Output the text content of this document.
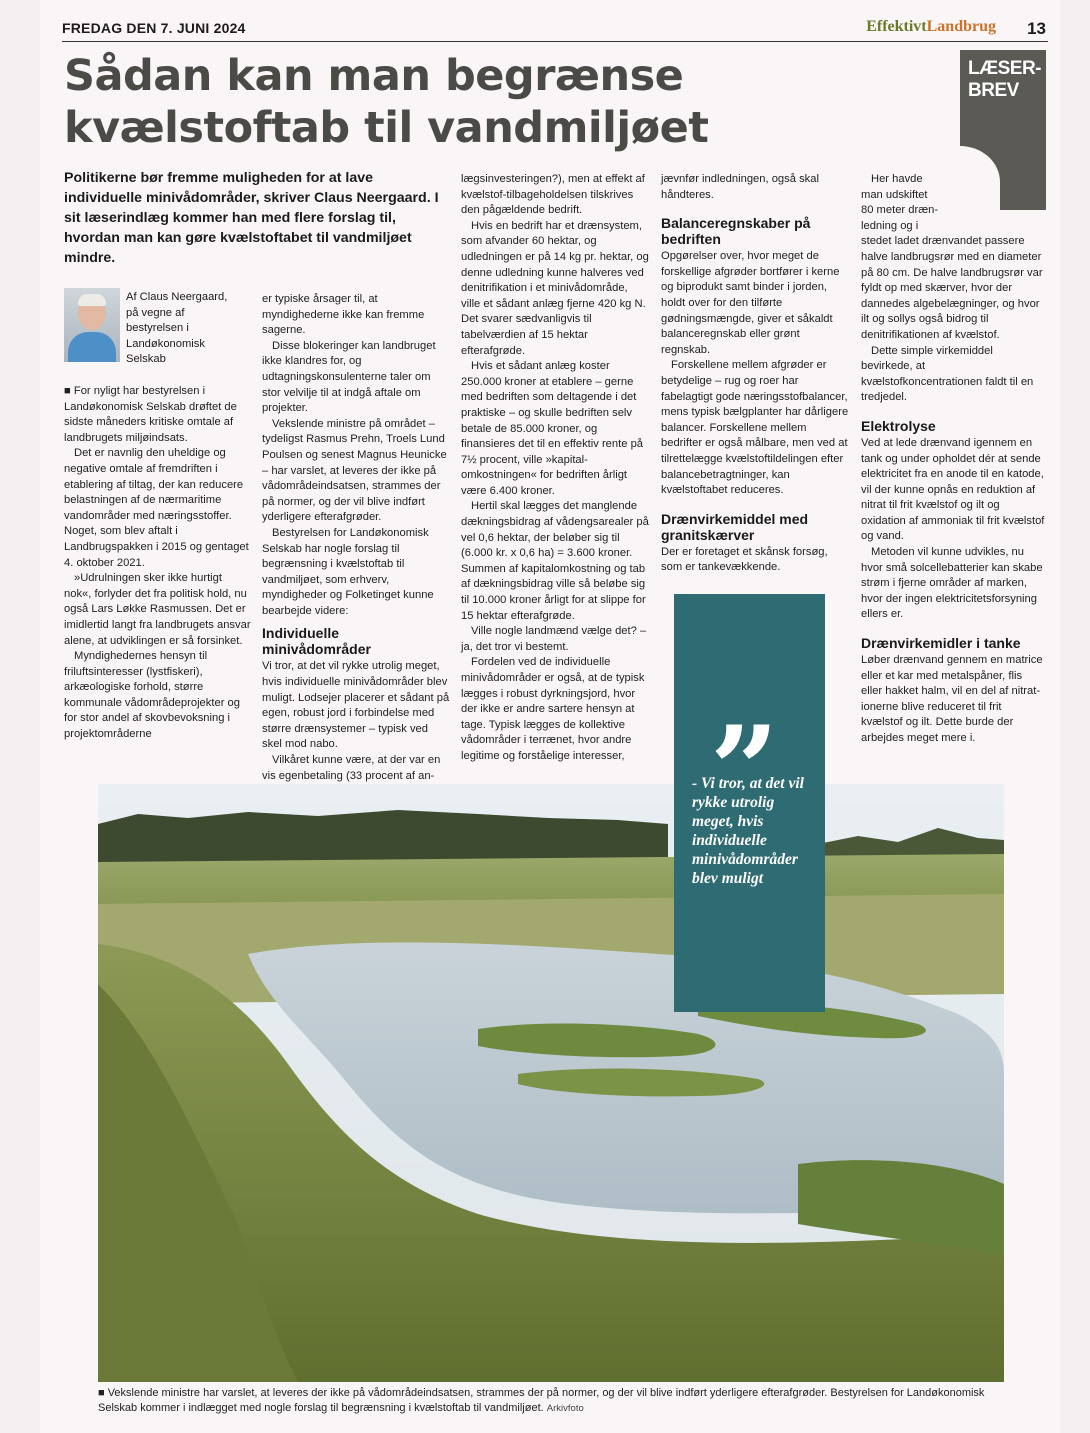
FREDAG DEN 7. JUNI 2024	EffektivtLandbrug 13
Sådan kan man begrænse kvælstoftab til vandmiljøet
LÆSER-
BREV

Politikerne bør fremme muligheden for at lave individuelle minivådområder, skriver Claus Neergaard. I sit læserindlæg kommer han med flere forslag til, hvordan man kan gøre kvælstoftabet til vandmiljøet mindre.

Af Claus Neergaard,
på vegne af
bestyrelsen i
Landøkonomisk
Selskab

■ For nyligt har bestyrelsen i Landøkonomisk Selskab drøftet de sidste måneders kritiske omtale af landbrugets miljøindsats.

Det er navnlig den uheldige og negative omtale af fremdriften i etablering af tiltag, der kan reducere belastningen af de nærmaritime vandområder med næringsstoffer. Noget, som blev aftalt i Landbrugspakken i 2015 og gentaget 4. oktober 2021.

»Udrulningen sker ikke hurtigt nok«, forlyder det fra politisk hold, nu også Lars Løkke Rasmussen. Det er imidlertid langt fra landbrugets ansvar alene, at udviklingen er så forsinket.

Myndighedernes hensyn til friluftsinteresser (lystfiskeri), arkæologiske forhold, større kommunale vådområdeprojekter og for stor andel af skovbevoksning i projektområderne

er typiske årsager til, at myndighederne ikke kan fremme sagerne.

Disse blokeringer kan landbruget ikke klandres for, og udtagningskonsulenterne taler om stor velvilje til at indgå aftale om projekter.

Vekslende ministre på området – tydeligst Rasmus Prehn, Troels Lund Poulsen og senest Magnus Heunicke – har varslet, at leveres der ikke på vådområdeindsatsen, strammes der på normer, og der vil blive indført yderligere efterafgrøder.

Bestyrelsen for Landøkonomisk Selskab har nogle forslag til begrænsning i kvælstoftab til vandmiljøet, som erhverv, myndigheder og Folketinget kunne bearbejde videre:

Individuelle minivådområder

Vi tror, at det vil rykke utrolig meget, hvis individuelle minivådområder blev muligt. Lodsejer placerer et sådant på egen, robust jord i forbindelse med større drænsystemer – typisk ved skel mod nabo.

Vilkåret kunne være, at der var en vis egenbetaling (33 procent af an-

lægsinvesteringen?), men at effekt af kvælstof-tilbageholdelsen tilskrives den pågældende bedrift.

Hvis en bedrift har et drænsystem, som afvander 60 hektar, og udledningen er på 14 kg pr. hektar, og denne udledning kunne halveres ved denitrifikation i et minivådområde, ville et sådant anlæg fjerne 420 kg N. Det svarer sædvanligvis til tabelværdien af 15 hektar efterafgrøde.

Hvis et sådant anlæg koster 250.000 kroner at etablere – gerne med bedriften som deltagende i det praktiske – og skulle bedriften selv betale de 85.000 kroner, og finansieres det til en effektiv rente på 7½ procent, ville »kapital-omkostningen« for bedriften årligt være 6.400 kroner.

Hertil skal lægges det manglende dækningsbidrag af vådengsarealer på vel 0,6 hektar, der beløber sig til (6.000 kr. x 0,6 ha) = 3.600 kroner. Summen af kapitalomkostning og tab af dækningsbidrag ville så beløbe sig til 10.000 kroner årligt for at slippe for 15 hektar efterafgrøde.

Ville nogle landmænd vælge det? – ja, det tror vi bestemt.

Fordelen ved de individuelle minivådområder er også, at de typisk lægges i robust dyrkningsjord, hvor der ikke er andre sartere hensyn at tage. Typisk lægges de kollektive vådområder i terrænet, hvor andre legitime og forståelige interesser,

jævnfør indledningen, også skal håndteres.

Balanceregnskaber på bedriften

Opgørelser over, hvor meget de forskellige afgrøder bortfører i kerne og biprodukt samt binder i jorden, holdt over for den tilførte gødningsmængde, giver et såkaldt balanceregnskab eller grønt regnskab.

Forskellene mellem afgrøder er betydelige – rug og roer har fabelagtigt gode næringsstofbalancer, mens typisk bælgplanter har dårligere balancer. Forskellene mellem bedrifter er også målbare, men ved at tilrettelægge kvælstoftildelingen efter balancebetragtninger, kan kvælstoftabet reduceres.

Drænvirkemiddel med granitskærver

Der er foretaget et skånsk forsøg, som er tankevækkende.

Her havde
man udskiftet
80 meter dræn-
ledning og i

stedet ladet drænvandet passere halve landbrugsrør med en diameter på 80 cm. De halve landbrugsrør var fyldt op med skærver, hvor der dannedes algebelægninger, og hvor ilt og sollys også bidrog til denitrifikationen af kvælstof.

Dette simple virkemiddel bevirkede, at kvælstofkoncentrationen faldt til en tredjedel.

Elektrolyse

Ved at lede drænvand igennem en tank og under opholdet dér at sende elektricitet fra en anode til en katode, vil der kunne opnås en reduktion af nitrat til frit kvælstof og ilt og oxidation af ammoniak til frit kvælstof og vand.

Metoden vil kunne udvikles, nu hvor små solcellebatterier kan skabe strøm i fjerne områder af marken, hvor der ingen elektricitetsforsyning ellers er.

Drænvirkemidler i tanke

Løber drænvand gennem en matrice eller et kar med metalspåner, flis eller hakket halm, vil en del af nitrat-ionerne blive reduceret til frit kvælstof og ilt. Dette burde der arbejdes meget mere i.

„
- Vi tror, at det vil rykke utrolig meget, hvis individuelle minivådområder blev muligt
■ Vekslende ministre har varslet, at leveres der ikke på vådområdeindsatsen, strammes der på normer, og der vil blive indført yderligere efterafgrøder. Bestyrelsen for Landøkonomisk Selskab kommer i indlægget med nogle forslag til begrænsning i kvælstoftab til vandmiljøet. Arkivfoto
